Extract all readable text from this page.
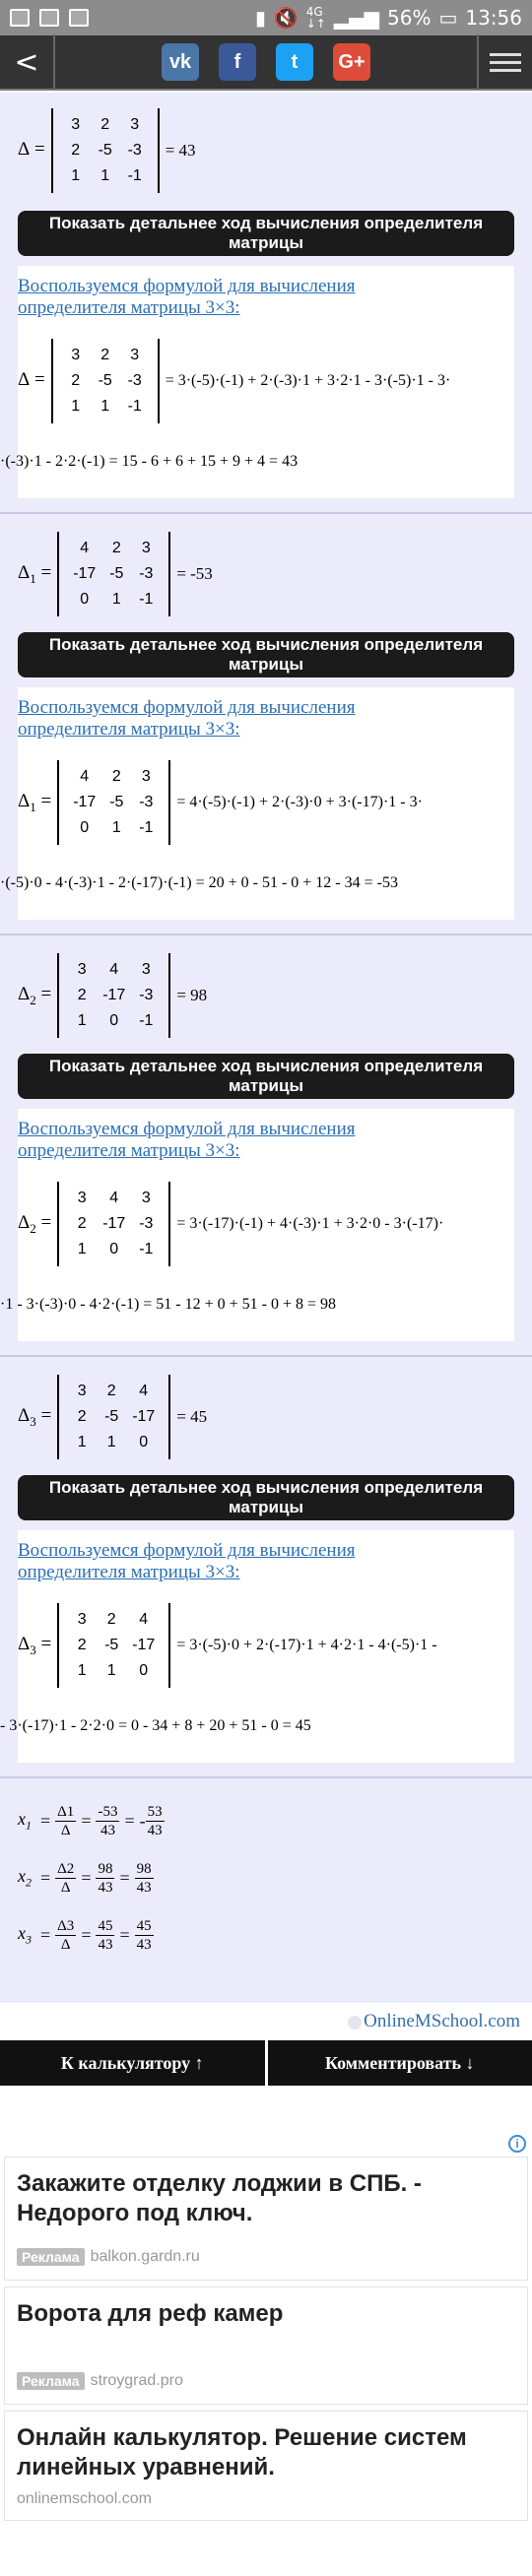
▮ 🔇 4G
↓↑ ▂▄▆ 56% ▭ 13:56
<	vk f	t G+
Δ =
3	2	3
2	-5	-3
1	1	-1
= 43
Показать детальнее ход вычисления определителя матрицы
Воспользуемся формулой для вычисления определителя матрицы 3×3:
Δ =
3	2	3
2	-5	-3
1	1	-1
= 3·(-5)·(-1) + 2·(-3)·1 + 3·2·1 - 3·(-5)·1 - 3·
·(-3)·1 - 2·2·(-1) = 15 - 6 + 6 + 15 + 9 + 4 = 43
$\Delta_1$ =
4	2	3
-17	-5	-3
0	1	-1
= -53
Показать детальнее ход вычисления определителя матрицы
Воспользуемся формулой для вычисления определителя матрицы 3×3:
$\Delta_1$ =
4	2	3
-17	-5	-3
0	1	-1
= 4·(-5)·(-1) + 2·(-3)·0 + 3·(-17)·1 - 3·
·(-5)·0 - 4·(-3)·1 - 2·(-17)·(-1) = 20 + 0 - 51 - 0 + 12 - 34 = -53
$\Delta_2$ =
3	4	3
2	-17	-3
1	0	-1
= 98
Показать детальнее ход вычисления определителя матрицы
Воспользуемся формулой для вычисления определителя матрицы 3×3:
$\Delta_2$ =
3	4	3
2	-17	-3
1	0	-1
= 3·(-17)·(-1) + 4·(-3)·1 + 3·2·0 - 3·(-17)·
·1 - 3·(-3)·0 - 4·2·(-1) = 51 - 12 + 0 + 51 - 0 + 8 = 98
$\Delta_3$ =
3	2	4
2	-5	-17
1	1	0
= 45
Показать детальнее ход вычисления определителя матрицы
Воспользуемся формулой для вычисления определителя матрицы 3×3:
$\Delta_3$ =
3	2	4
2	-5	-17
1	1	0
= 3·(-5)·0 + 2·(-17)·1 + 4·2·1 - 4·(-5)·1 -
- 3·(-17)·1 - 2·2·0 = 0 - 34 + 8 + 20 + 51 - 0 = 45
$x_1 = \frac{\Delta 1}{\Delta} = \frac{-53}{43}$ = - $\frac{53}{43}$
$x_2 = \frac{\Delta 2}{\Delta} = \frac{98}{43} = \frac{98}{43}$
$x_3 = \frac{\Delta 3}{\Delta} = \frac{45}{43} = \frac{45}{43}$
OnlineMSchool.com
К калькулятору ↑	Комментировать ↓
i
Закажите отделку лоджии в СПБ. - Недорого под ключ.
Реклама balkon.gardn.ru
Ворота для реф камер
Реклама stroygrad.pro
Онлайн калькулятор. Решение систем линейных уравнений.
onlinemschool.com
